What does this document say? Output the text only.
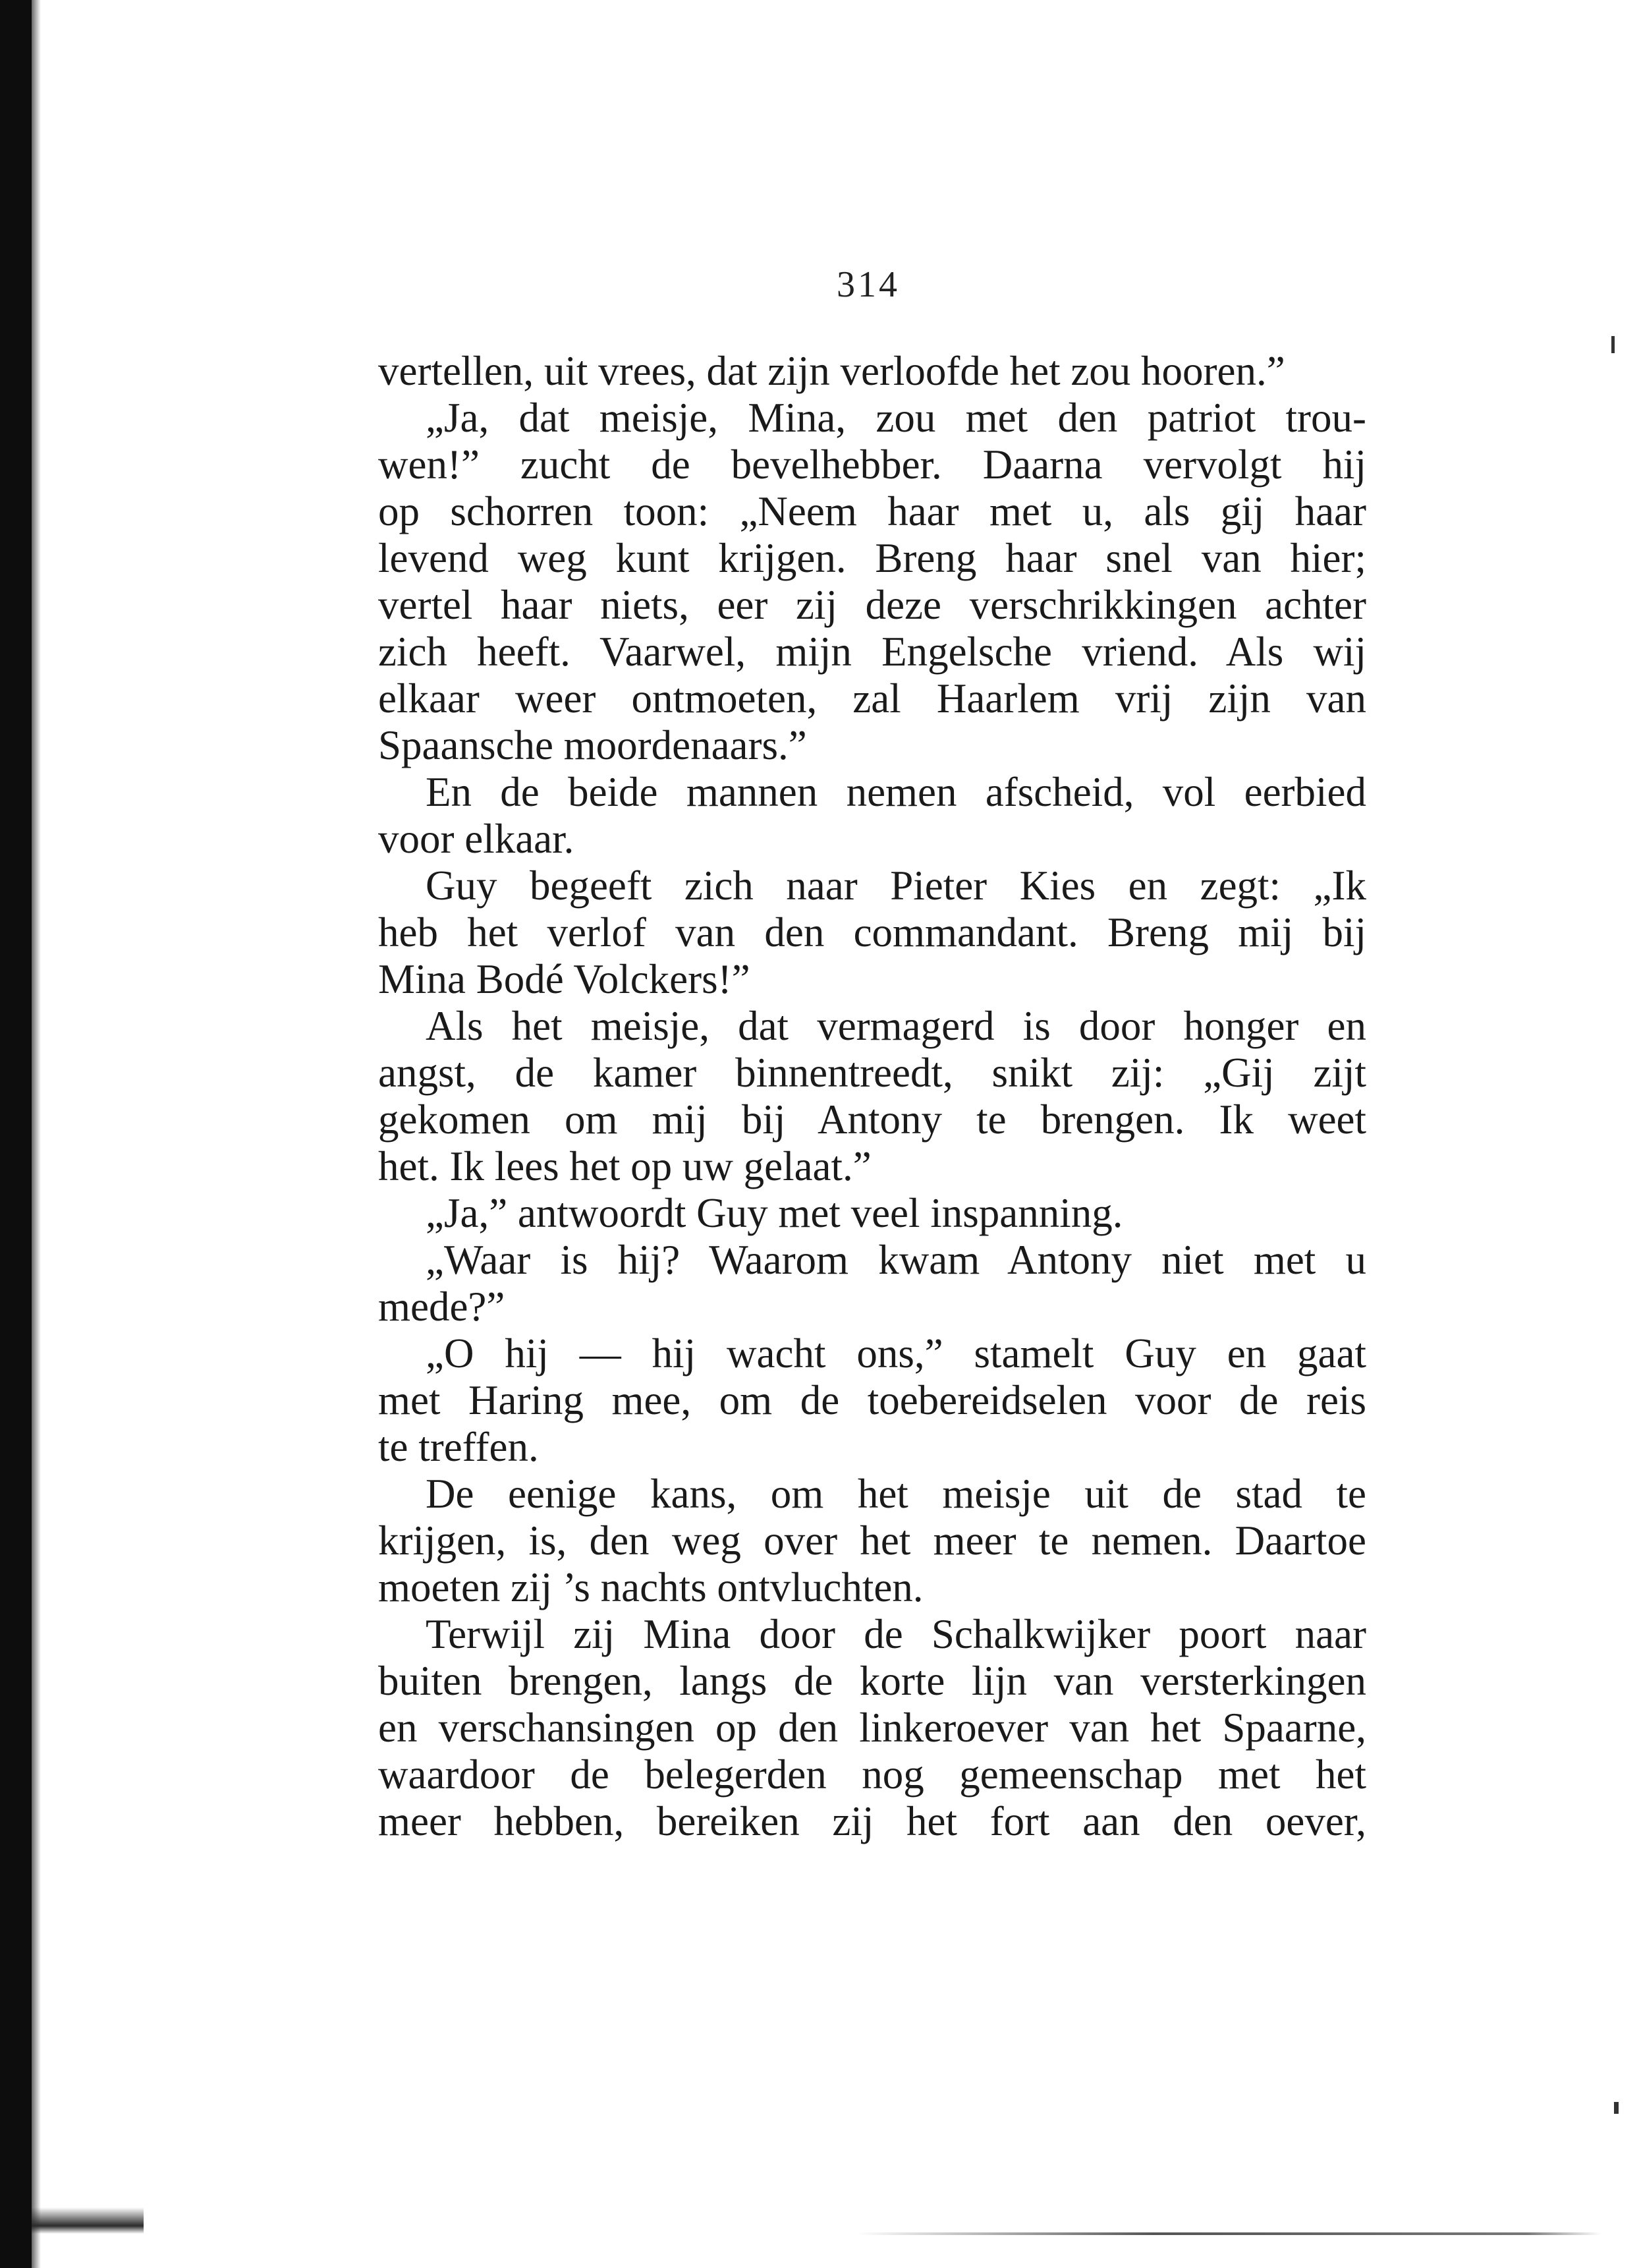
314
vertellen, uit vrees, dat zijn verloofde het zou hooren.”
„Ja, dat meisje, Mina, zou met den patriot trou-
wen!” zucht de bevelhebber. Daarna vervolgt hij
op schorren toon: „Neem haar met u, als gij haar
levend weg kunt krijgen. Breng haar snel van hier;
vertel haar niets, eer zij deze verschrikkingen achter
zich heeft. Vaarwel, mijn Engelsche vriend. Als wij
elkaar weer ontmoeten, zal Haarlem vrij zijn van
Spaansche moordenaars.”
En de beide mannen nemen afscheid, vol eerbied
voor elkaar.
Guy begeeft zich naar Pieter Kies en zegt: „Ik
heb het verlof van den commandant. Breng mij bij
Mina Bodé Volckers!”
Als het meisje, dat vermagerd is door honger en
angst, de kamer binnentreedt, snikt zij: „Gij zijt
gekomen om mij bij Antony te brengen. Ik weet
het. Ik lees het op uw gelaat.”
„Ja,” antwoordt Guy met veel inspanning.
„Waar is hij? Waarom kwam Antony niet met u
mede?”
„O hij — hij wacht ons,” stamelt Guy en gaat
met Haring mee, om de toebereidselen voor de reis
te treffen.
De eenige kans, om het meisje uit de stad te
krijgen, is, den weg over het meer te nemen. Daartoe
moeten zij ’s nachts ontvluchten.
Terwijl zij Mina door de Schalkwijker poort naar
buiten brengen, langs de korte lijn van versterkingen
en verschansingen op den linkeroever van het Spaarne,
waardoor de belegerden nog gemeenschap met het
meer hebben, bereiken zij het fort aan den oever,
